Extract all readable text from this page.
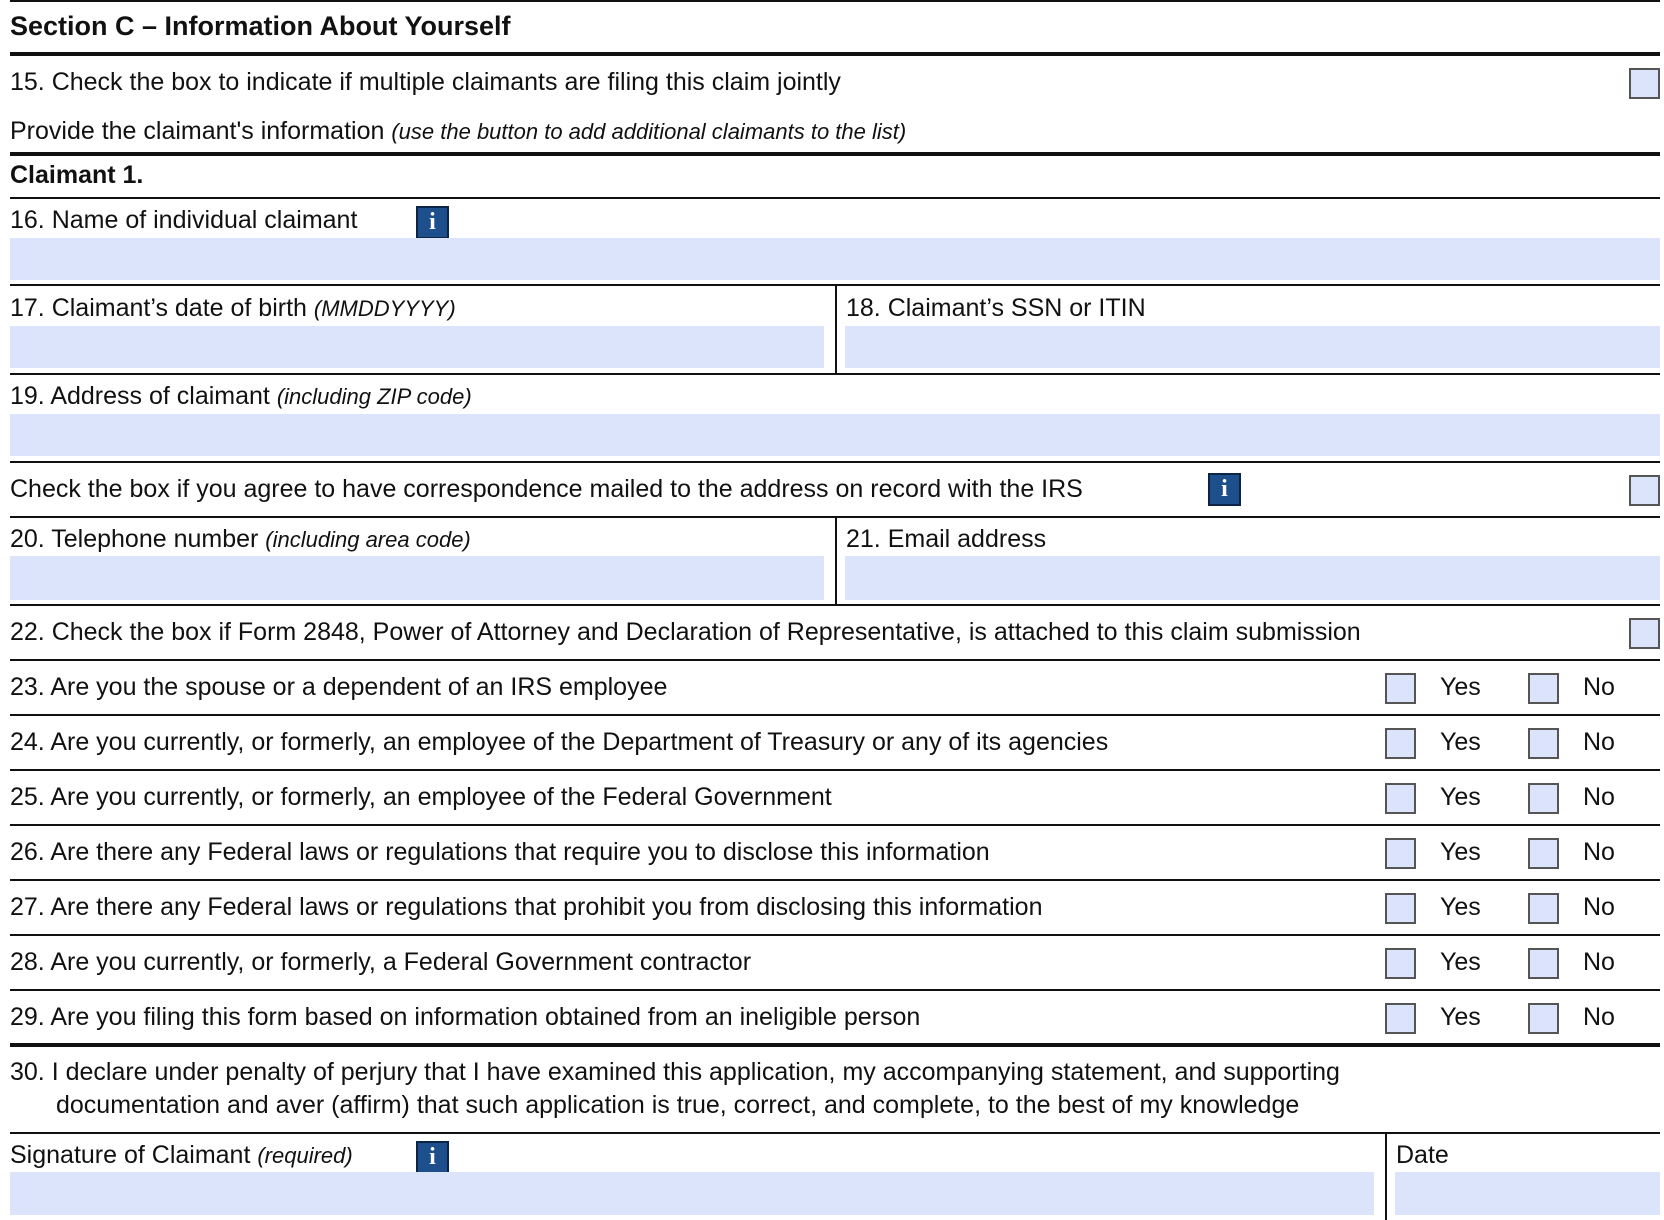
Section C – Information About Yourself
15. Check the box to indicate if multiple claimants are filing this claim jointly
Provide the claimant's information (use the button to add additional claimants to the list)
Claimant 1.
16. Name of individual claimant	i
17. Claimant’s date of birth (MMDDYYYY)	18. Claimant’s SSN or ITIN
19. Address of claimant (including ZIP code)
Check the box if you agree to have correspondence mailed to the address on record with the IRS	i
20. Telephone number (including area code)	21. Email address
22. Check the box if Form 2848, Power of Attorney and Declaration of Representative, is attached to this claim submission
23. Are you the spouse or a dependent of an IRS employee	Yes	No
24. Are you currently, or formerly, an employee of the Department of Treasury or any of its agencies	Yes	No
25. Are you currently, or formerly, an employee of the Federal Government	Yes	No
26. Are there any Federal laws or regulations that require you to disclose this information	Yes	No
27. Are there any Federal laws or regulations that prohibit you from disclosing this information	Yes	No
28. Are you currently, or formerly, a Federal Government contractor	Yes	No
29. Are you filing this form based on information obtained from an ineligible person	Yes	No
30. I declare under penalty of perjury that I have examined this application, my accompanying statement, and supporting
documentation and aver (affirm) that such application is true, correct, and complete, to the best of my knowledge
Signature of Claimant (required)	i	Date
